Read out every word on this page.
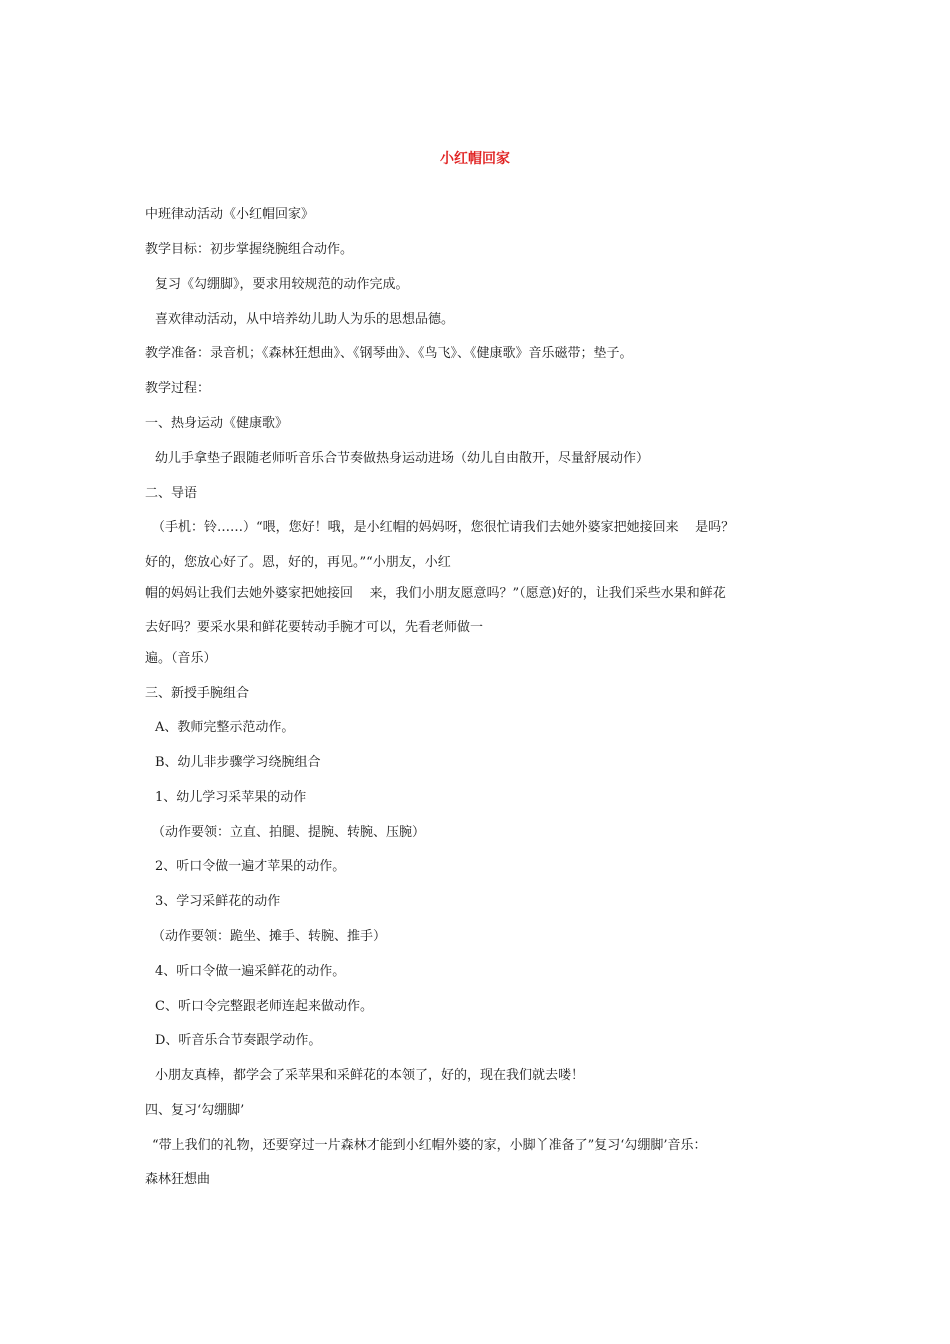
小红帽回家
中班律动活动《小红帽回家》
教学目标：初步掌握绕腕组合动作。
复习《勾绷脚》，要求用较规范的动作完成。
喜欢律动活动，从中培养幼儿助人为乐的思想品德。
教学准备：录音机；《森林狂想曲》、《钢琴曲》、《鸟飞》、《健康歌》音乐磁带；垫子。
教学过程：
一、热身运动《健康歌》
幼儿手拿垫子跟随老师听音乐合节奏做热身运动进场（幼儿自由散开，尽量舒展动作）
二、导语
（手机：铃……）“喂，您好！哦，是小红帽的妈妈呀，您很忙请我们去她外婆家把她接回来    是吗？
好的，您放心好了。恩，好的，再见。”“小朋友，小红
帽的妈妈让我们去她外婆家把她接回    来，我们小朋友愿意吗？”（愿意)好的，让我们采些水果和鲜花
去好吗？要采水果和鲜花要转动手腕才可以，先看老师做一
遍。（音乐）
三、新授手腕组合
A、教师完整示范动作。
B、幼儿非步骤学习绕腕组合
1、幼儿学习采苹果的动作
（动作要领：立直、拍腿、提腕、转腕、压腕）
2、听口令做一遍才苹果的动作。
3、学习采鲜花的动作
（动作要领：跪坐、摊手、转腕、推手）
4、听口令做一遍采鲜花的动作。
C、听口令完整跟老师连起来做动作。
D、听音乐合节奏跟学动作。
小朋友真棒，都学会了采苹果和采鲜花的本领了，好的，现在我们就去喽！
四、复习‘勾绷脚’
“带上我们的礼物，还要穿过一片森林才能到小红帽外婆的家，小脚丫准备了”复习‘勾绷脚’音乐：
森林狂想曲
